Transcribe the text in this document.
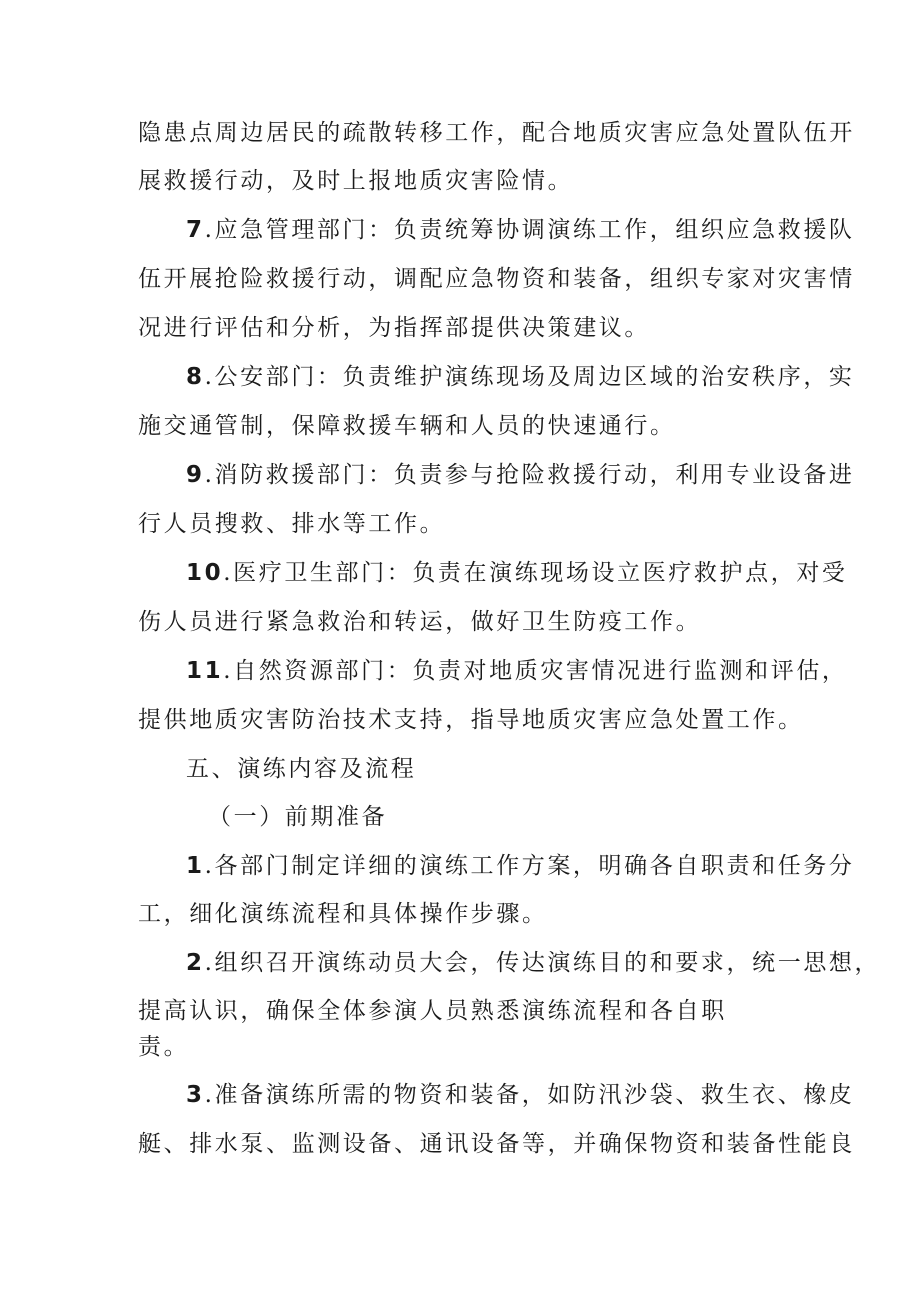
隐患点周边居民的疏散转移工作，配合地质灾害应急处置队伍开
展救援行动，及时上报地质灾害险情。
7.应急管理部门：负责统筹协调演练工作，组织应急救援队
伍开展抢险救援行动，调配应急物资和装备，组织专家对灾害情
况进行评估和分析，为指挥部提供决策建议。
8.公安部门：负责维护演练现场及周边区域的治安秩序，实
施交通管制，保障救援车辆和人员的快速通行。
9.消防救援部门：负责参与抢险救援行动，利用专业设备进
行人员搜救、排水等工作。
10.医疗卫生部门：负责在演练现场设立医疗救护点，对受
伤人员进行紧急救治和转运，做好卫生防疫工作。
11.自然资源部门：负责对地质灾害情况进行监测和评估，
提供地质灾害防治技术支持，指导地质灾害应急处置工作。
五、演练内容及流程
（一）前期准备
1.各部门制定详细的演练工作方案，明确各自职责和任务分
工，细化演练流程和具体操作步骤。
2.组织召开演练动员大会，传达演练目的和要求，统一思想，
提高认识，确保全体参演人员熟悉演练流程和各自职
责。
3.准备演练所需的物资和装备，如防汛沙袋、救生衣、橡皮
艇、排水泵、监测设备、通讯设备等，并确保物资和装备性能良
